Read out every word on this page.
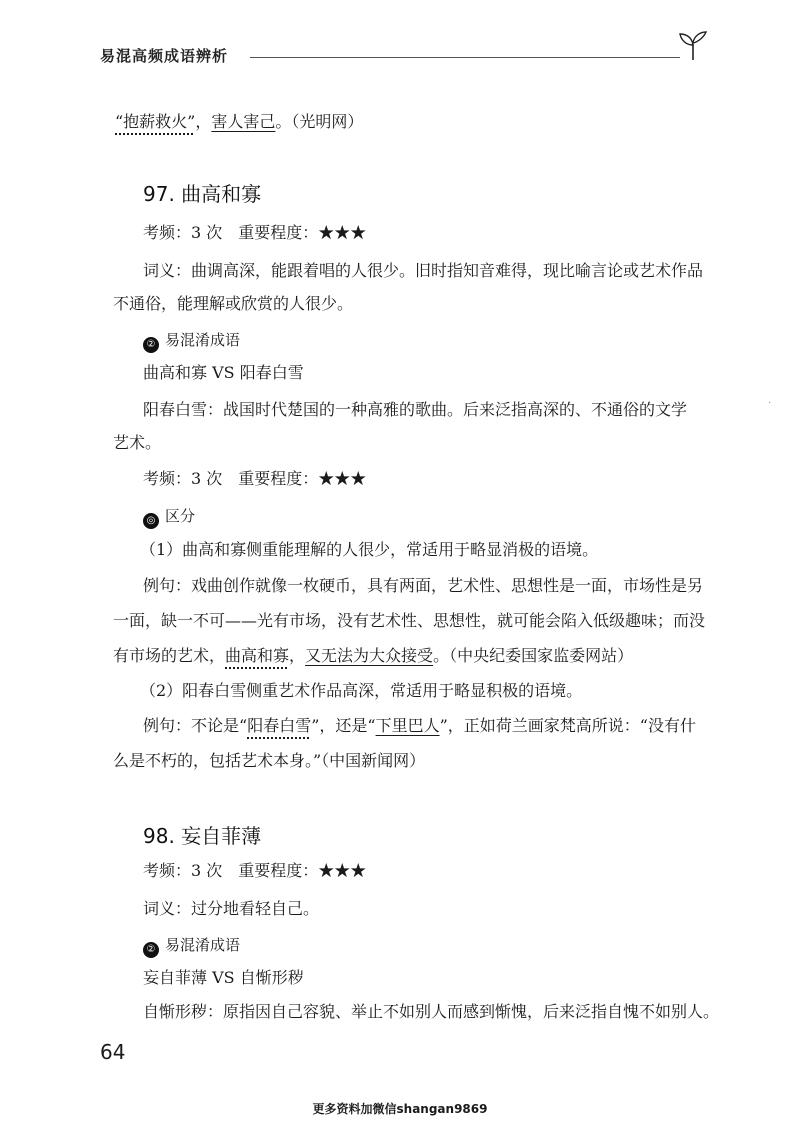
易混高频成语辨析
“抱薪救火”，害人害己。（光明网）
97. 曲高和寡
考频：3 次　重要程度：★★★
词义：曲调高深，能跟着唱的人很少。旧时指知音难得，现比喻言论或艺术作品
不通俗，能理解或欣赏的人很少。
② 易混淆成语
曲高和寡 VS 阳春白雪
阳春白雪：战国时代楚国的一种高雅的歌曲。后来泛指高深的、不通俗的文学
艺术。
考频：3 次　重要程度：★★★
◎ 区分
（1）曲高和寡侧重能理解的人很少，常适用于略显消极的语境。
例句：戏曲创作就像一枚硬币，具有两面，艺术性、思想性是一面，市场性是另
一面，缺一不可——光有市场，没有艺术性、思想性，就可能会陷入低级趣味；而没
有市场的艺术，曲高和寡，又无法为大众接受。（中央纪委国家监委网站）
（2）阳春白雪侧重艺术作品高深，常适用于略显积极的语境。
例句：不论是“阳春白雪”，还是“下里巴人”，正如荷兰画家梵高所说：“没有什
么是不朽的，包括艺术本身。”（中国新闻网）
98. 妄自菲薄
考频：3 次　重要程度：★★★
词义：过分地看轻自己。
② 易混淆成语
妄自菲薄 VS 自惭形秽
自惭形秽：原指因自己容貌、举止不如别人而感到惭愧，后来泛指自愧不如别人。
·
64
更多资料加微信shangan9869
